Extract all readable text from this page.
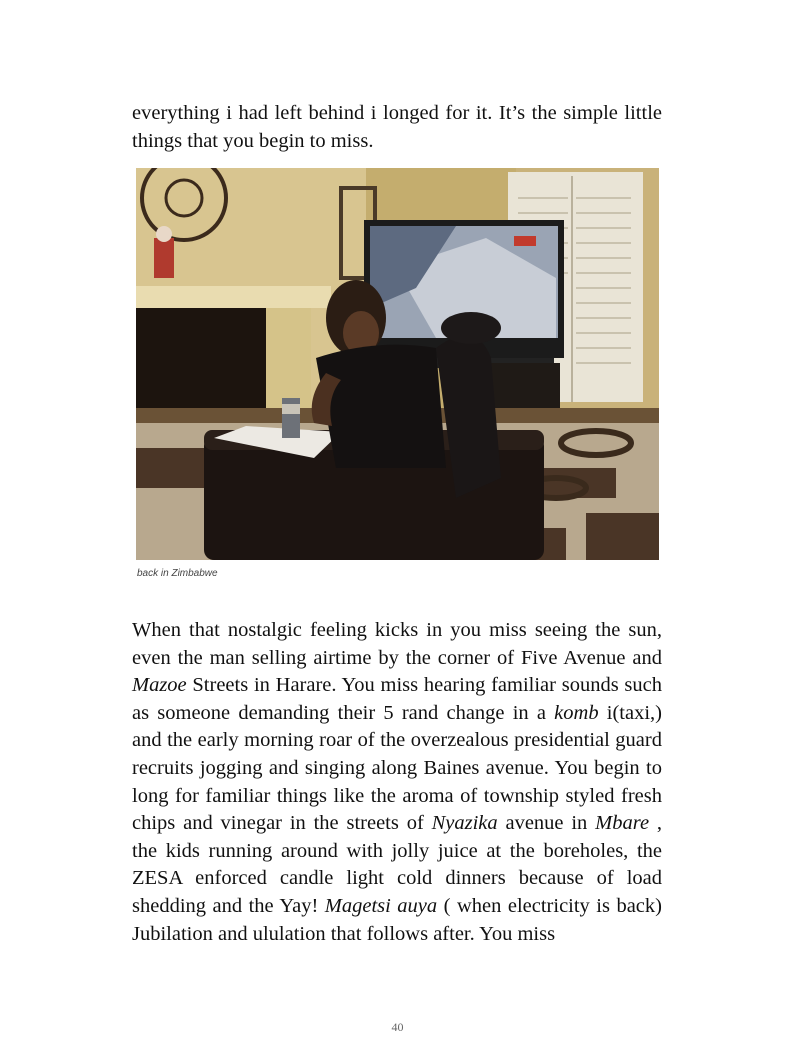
everything i had left behind i longed for it. It’s the simple little things that you begin to miss.

back in Zimbabwe

When that nostalgic feeling kicks in you miss seeing the sun, even the man selling airtime by the corner of Five Avenue and Mazoe Streets in Harare. You miss hearing familiar sounds such as someone demanding their 5 rand change in a komb i(taxi,) and the early morning roar of the overzealous presidential guard recruits jogging and singing along Baines avenue. You begin to long for familiar things like the aroma of township styled fresh chips and vinegar in the streets of Nyazika avenue in Mbare , the kids running around with jolly juice at the boreholes, the ZESA enforced candle light cold dinners because of load shedding and the Yay! Magetsi auya ( when electricity is back) Jubilation and ululation that follows after. You miss

40
